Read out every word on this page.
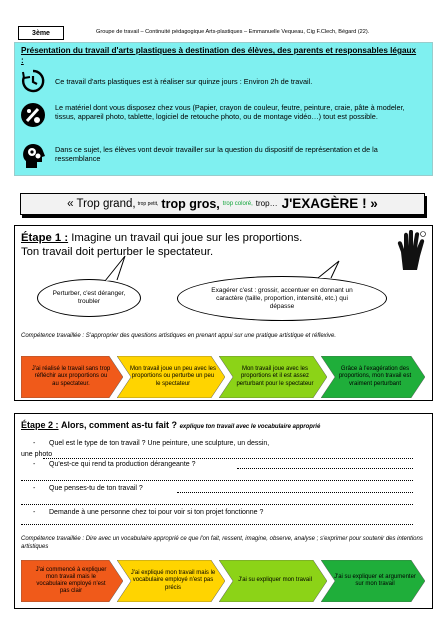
3ème	Groupe de travail – Continuité pédagogique Arts-plastiques – Emmanuelle Vequeau, Cig F.Clech, Bégard (22).
Présentation du travail d'arts plastiques à destination des élèves, des parents et responsables légaux :
Ce travail d'arts plastiques est à réaliser sur quinze jours : Environ 2h de travail.
Le matériel dont vous disposez chez vous (Papier, crayon de couleur, feutre, peinture, craie, pâte à modeler, tissus, appareil photo, tablette, logiciel de retouche photo, ou de montage vidéo…) tout est possible.
Dans ce sujet, les élèves vont devoir travailler sur la question du dispositif de représentation et de la ressemblance
« Trop grand, trop petit, trop gros, trop coloré, trop… J'EXAGÈRE ! »
Étape 1 : Imagine un travail qui joue sur les proportions.
Ton travail doit perturber le spectateur.
Perturber, c'est déranger, troubler
Exagérer c'est : grossir, accentuer en donnant un caractère (taille, proportion, intensité, etc.) qui dépasse
Compétence travaillée : S'approprier des questions artistiques en prenant appui sur une pratique artistique et réflexive.
J'ai réalisé le travail sans trop réfléchir aux proportions ou au spectateur.
Mon travail joue un peu avec les proportions ou perturbe un peu le spectateur
Mon travail joue avec les proportions et il est assez perturbant pour le spectateur
Grâce à l'exagération des proportions, mon travail est vraiment perturbant
Étape 2 : Alors, comment as-tu fait ? explique ton travail avec le vocabulaire approprié
- Quel est le type de ton travail ? Une peinture, une sculpture, un dessin,
une photo
- Qu'est-ce qui rend ta production dérangeante ?
- Que penses-tu de ton travail ?
- Demande à une personne chez toi pour voir si ton projet fonctionne ?
Compétence travaillée : Dire avec un vocabulaire approprié ce que l'on fait, ressent, imagine, observe, analyse ; s'exprimer pour soutenir des intentions artistiques
J'ai commencé à expliquer mon travail mais le vocabulaire employé n'est pas clair
J'ai expliqué mon travail mais le vocabulaire employé n'est pas précis
J'ai su expliquer mon travail
J'ai su expliquer et argumenter sur mon travail
